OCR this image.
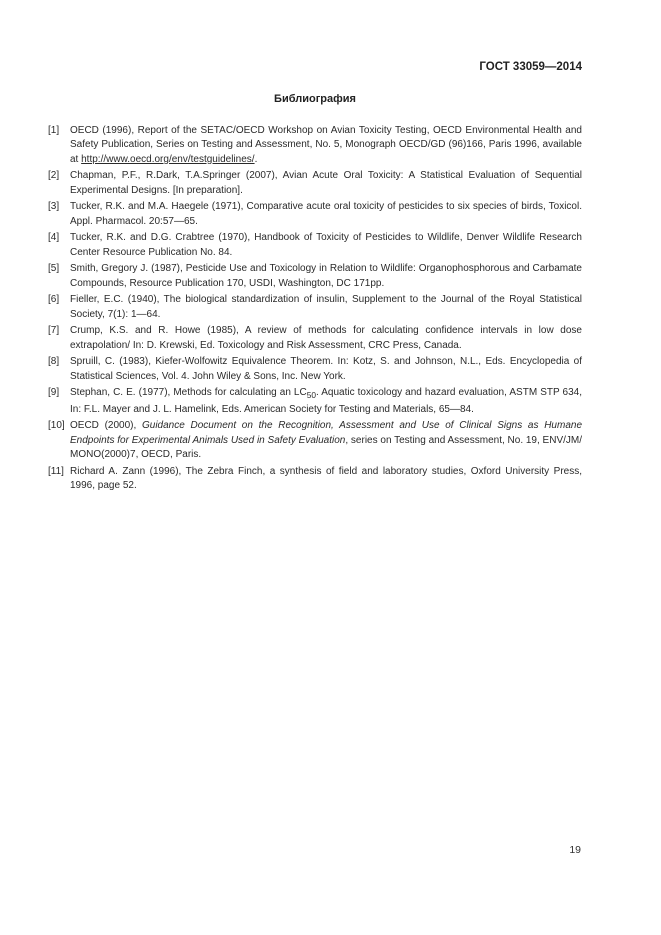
ГОСТ 33059—2014
Библиография
[1]	OECD (1996), Report of the SETAC/OECD Workshop on Avian Toxicity Testing, OECD Environmental Health and Safety Publication, Series on Testing and Assessment, No. 5, Monograph OECD/GD (96)166, Paris 1996, available at http://www.oecd.org/env/testguidelines/.
[2]	Chapman, P.F., R.Dark, T.A.Springer (2007), Avian Acute Oral Toxicity: A Statistical Evaluation of Sequential Experimental Designs. [In preparation].
[3]	Tucker, R.K. and M.A. Haegele (1971), Comparative acute oral toxicity of pesticides to six species of birds, Toxicol. Appl. Pharmacol. 20:57—65.
[4]	Tucker, R.K. and D.G. Crabtree (1970), Handbook of Toxicity of Pesticides to Wildlife, Denver Wildlife Research Center Resource Publication No. 84.
[5]	Smith, Gregory J. (1987), Pesticide Use and Toxicology in Relation to Wildlife: Organophosphorous and Carbamate Compounds, Resource Publication 170, USDI, Washington, DC 171pp.
[6]	Fieller, E.C. (1940), The biological standardization of insulin, Supplement to the Journal of the Royal Statistical Society, 7(1): 1—64.
[7]	Crump, K.S. and R. Howe (1985), A review of methods for calculating confidence intervals in low dose extrapolation/ In: D. Krewski, Ed. Toxicology and Risk Assessment, CRC Press, Canada.
[8]	Spruill, C. (1983), Kiefer-Wolfowitz Equivalence Theorem. In: Kotz, S. and Johnson, N.L., Eds. Encyclopedia of Statistical Sciences, Vol. 4. John Wiley & Sons, Inc. New York.
[9]	Stephan, C. E. (1977), Methods for calculating an $LC_{50}$. Aquatic toxicology and hazard evaluation, ASTM STP 634, In: F.L. Mayer and J. L. Hamelink, Eds. American Society for Testing and Materials, 65—84.
[10] OECD (2000), Guidance Document on the Recognition, Assessment and Use of Clinical Signs as Humane Endpoints for Experimental Animals Used in Safety Evaluation, series on Testing and Assessment, No. 19, ENV/JM/ MONO(2000)7, OECD, Paris.
[11] Richard A. Zann (1996), The Zebra Finch, a synthesis of field and laboratory studies, Oxford University Press, 1996, page 52.
19
